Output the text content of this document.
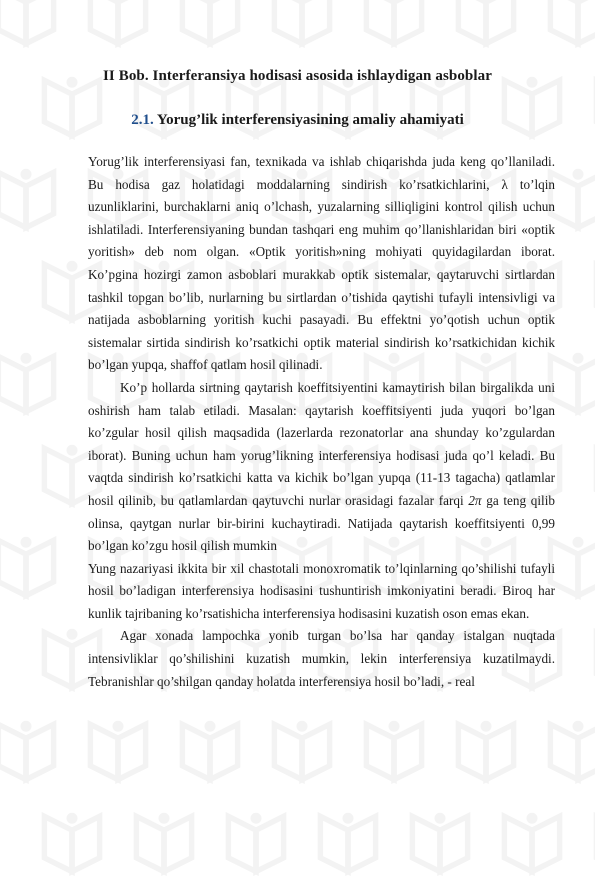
II Bob. Interferansiya hodisasi asosida ishlaydigan asboblar
2.1. Yorug’lik interferensiyasining amaliy ahamiyati

Yorug’lik interferensiyasi fan, texnikada va ishlab chiqarishda juda keng qo’llaniladi. Bu hodisa gaz holatidagi moddalarning sindirish ko’rsatkichlarini, λ to’lqin uzunliklarini, burchaklarni aniq o’lchash, yuzalarning silliqligini kontrol qilish uchun ishlatiladi. Interferensiyaning bundan tashqari eng muhim qo’llanishlaridan biri «optik yoritish» deb nom olgan. «Optik yoritish»ning mohiyati quyidagilardan iborat. Ko’pgina hozirgi zamon asboblari murakkab optik sistemalar, qaytaruvchi sirtlardan tashkil topgan bo’lib, nurlarning bu sirtlardan o’tishida qaytishi tufayli intensivligi va natijada asboblarning yoritish kuchi pasayadi. Bu effektni yo’qotish uchun optik sistemalar sirtida sindirish ko’rsatkichi optik material sindirish ko’rsatkichidan kichik bo’lgan yupqa, shaffof qatlam hosil qilinadi.

Ko’p hollarda sirtning qaytarish koeffitsiyentini kamaytirish bilan birgalikda uni oshirish ham talab etiladi. Masalan: qaytarish koeffitsiyenti juda yuqori bo’lgan ko’zgular hosil qilish maqsadida (lazerlarda rezonatorlar ana shunday ko’zgulardan iborat). Buning uchun ham yorug’likning interferensiya hodisasi juda qo’l keladi. Bu vaqtda sindirish ko’rsatkichi katta va kichik bo’lgan yupqa (11-13 tagacha) qatlamlar hosil qilinib, bu qatlamlardan qaytuvchi nurlar orasidagi fazalar farqi 2π ga teng qilib olinsa, qaytgan nurlar bir-birini kuchaytiradi. Natijada qaytarish koeffitsiyenti 0,99 bo’lgan ko’zgu hosil qilish mumkin

Yung nazariyasi ikkita bir xil chastotali monoxromatik to’lqinlarning qo’shilishi tufayli hosil bo’ladigan interferensiya hodisasini tushuntirish imkoniyatini beradi. Biroq har kunlik tajribaning ko’rsatishicha interferensiya hodisasini kuzatish oson emas ekan.

Agar xonada lampochka yonib turgan bo’lsa har qanday istalgan nuqtada intensivliklar qo’shilishini kuzatish mumkin, lekin interferensiya kuzatilmaydi. Tebranishlar qo’shilgan qanday holatda interferensiya hosil bo’ladi, - real
